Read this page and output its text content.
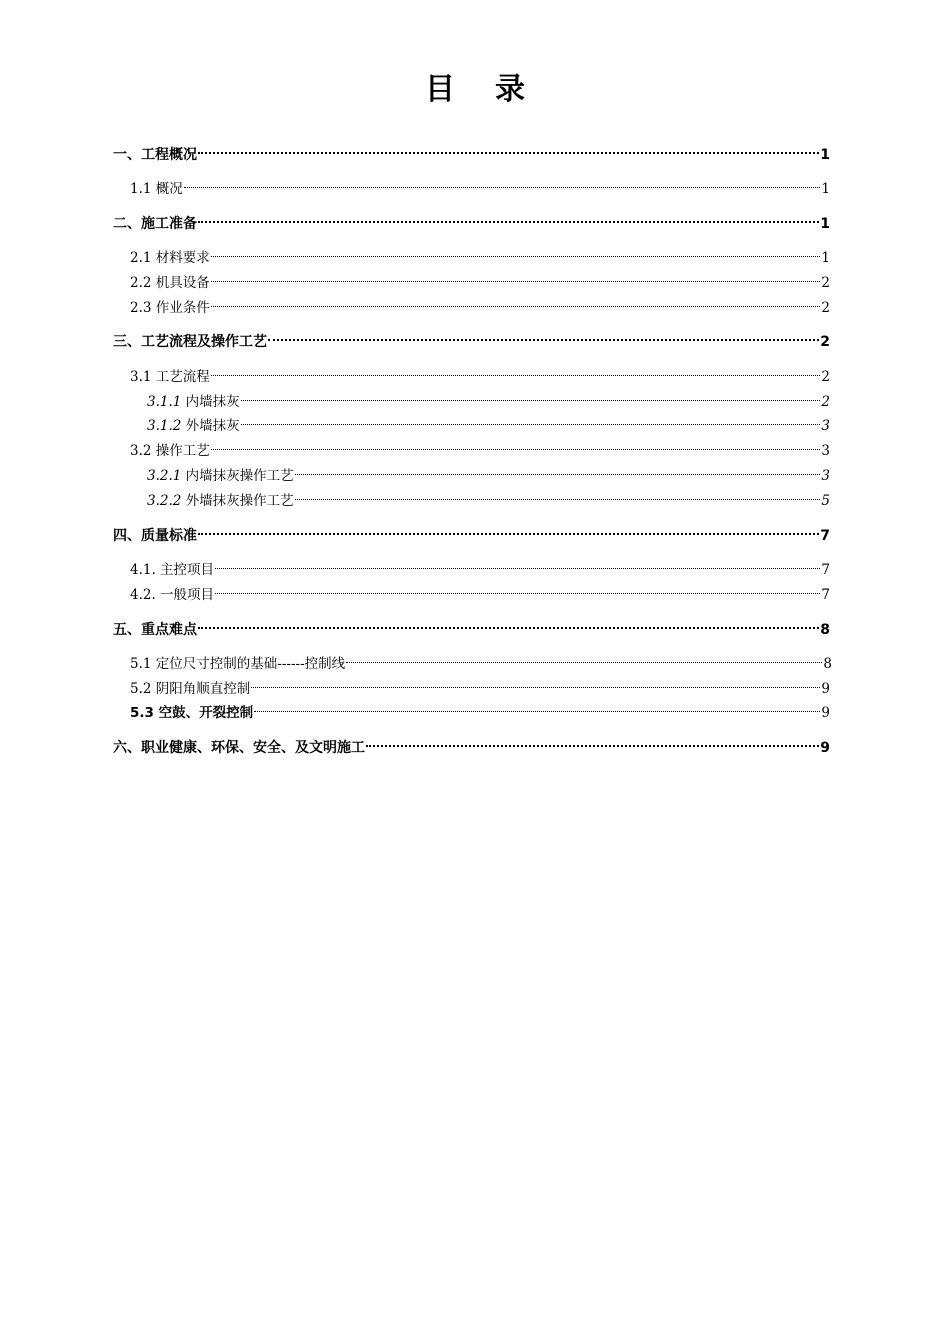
目录
一、工程概况	1
1.1 概况	1
二、施工准备	1
2.1 材料要求	1
2.2 机具设备	2
2.3 作业条件	2
三、工艺流程及操作工艺	2
3.1 工艺流程	2
3.1.1 内墙抹灰	2
3.1.2 外墙抹灰	3
3.2 操作工艺	3
3.2.1 内墙抹灰操作工艺	3
3.2.2 外墙抹灰操作工艺	5
四、质量标准	7
4.1. 主控项目	7
4.2. 一般项目	7
五、重点难点	8
5.1 定位尺寸控制的基础------控制线	8
5.2 阴阳角顺直控制	9
5.3 空鼓、开裂控制	9
六、职业健康、环保、安全、及文明施工	9
